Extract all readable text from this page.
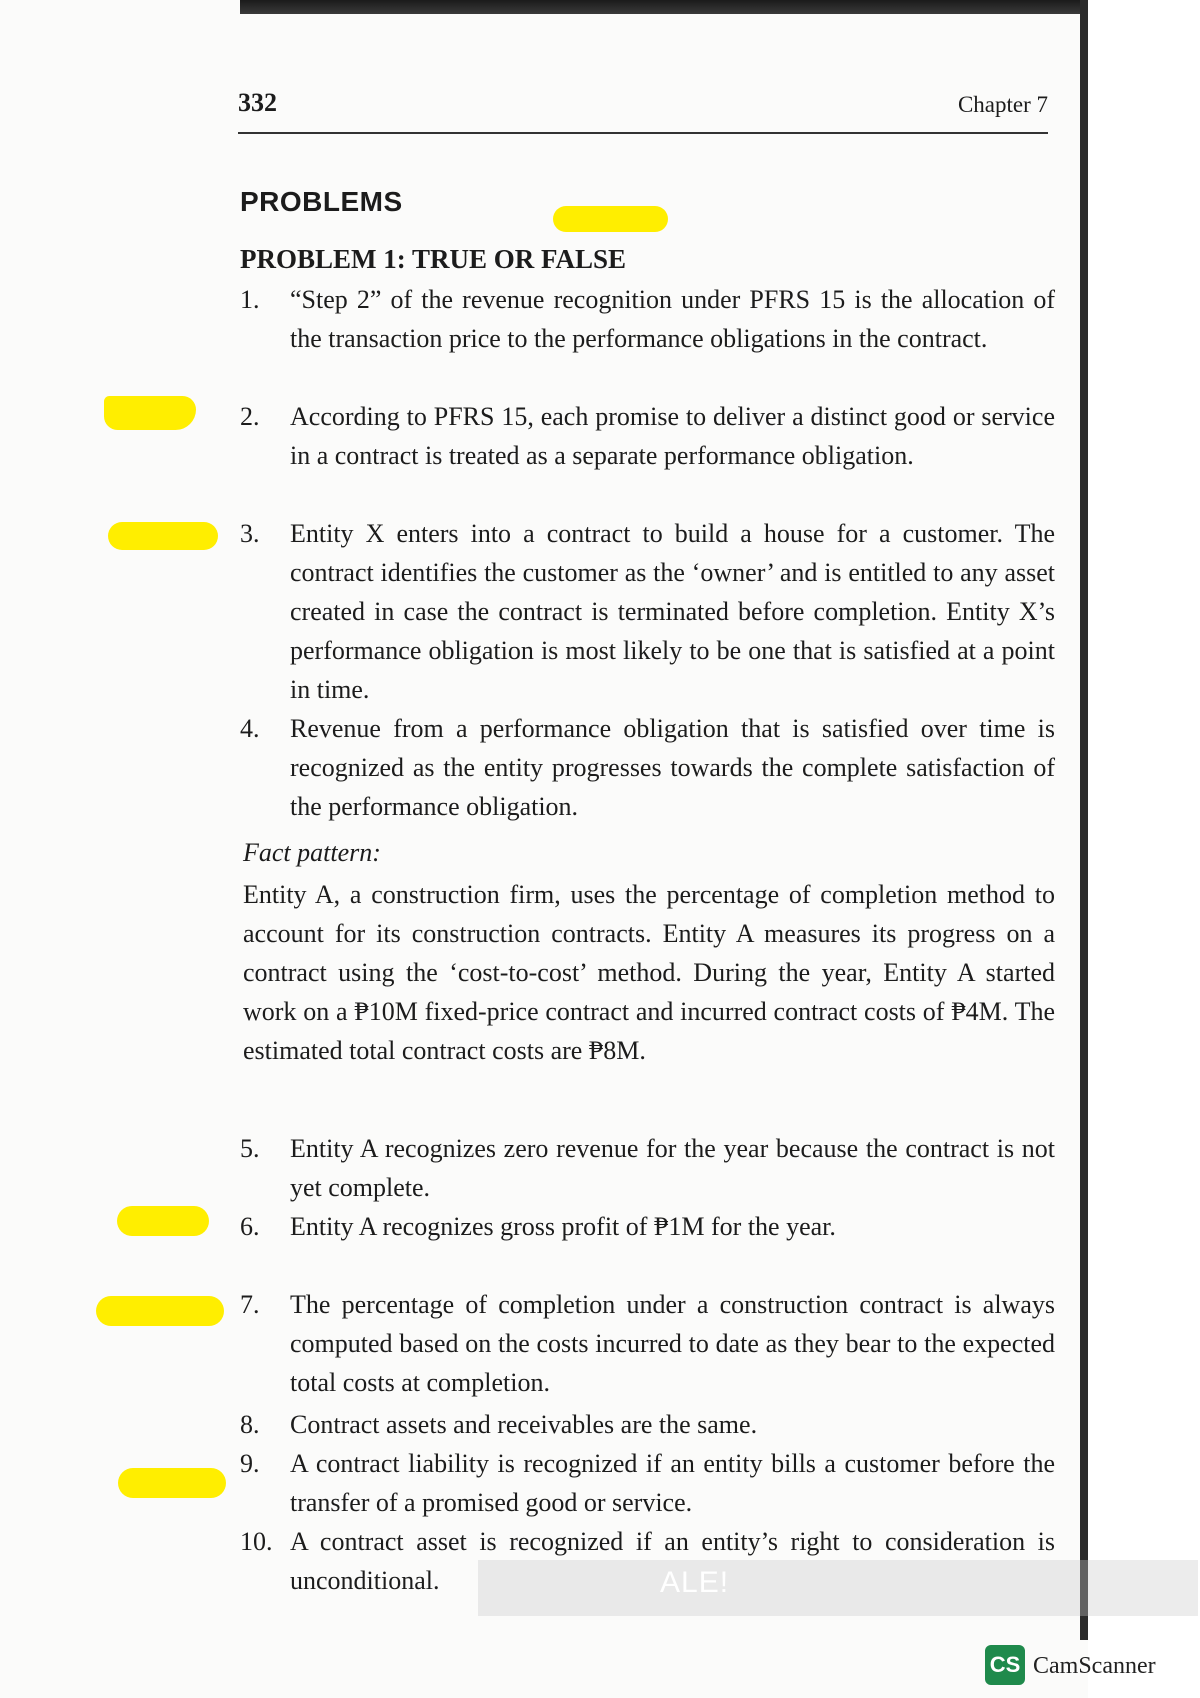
332	Chapter 7
PROBLEMS
PROBLEM 1: TRUE OR FALSE
1. “Step 2” of the revenue recognition under PFRS 15 is the allocation of the transaction price to the performance obligations in the contract.
2. According to PFRS 15, each promise to deliver a distinct good or service in a contract is treated as a separate performance obligation.
3. Entity X enters into a contract to build a house for a customer. The contract identifies the customer as the ‘owner’ and is entitled to any asset created in case the contract is terminated before completion. Entity X’s performance obligation is most likely to be one that is satisfied at a point in time.
4. Revenue from a performance obligation that is satisfied over time is recognized as the entity progresses towards the complete satisfaction of the performance obligation.
Fact pattern:
Entity A, a construction firm, uses the percentage of completion method to account for its construction contracts. Entity A measures its progress on a contract using the ‘cost-to-cost’ method. During the year, Entity A started work on a ₱10M fixed-price contract and incurred contract costs of ₱4M. The estimated total contract costs are ₱8M.
5. Entity A recognizes zero revenue for the year because the contract is not yet complete.
6. Entity A recognizes gross profit of ₱1M for the year.
7. The percentage of completion under a construction contract is always computed based on the costs incurred to date as they bear to the expected total costs at completion.
8. Contract assets and receivables are the same.
9. A contract liability is recognized if an entity bills a customer before the transfer of a promised good or service.
10. A contract asset is recognized if an entity’s right to consideration is unconditional.	ALE!
CS CamScanner
